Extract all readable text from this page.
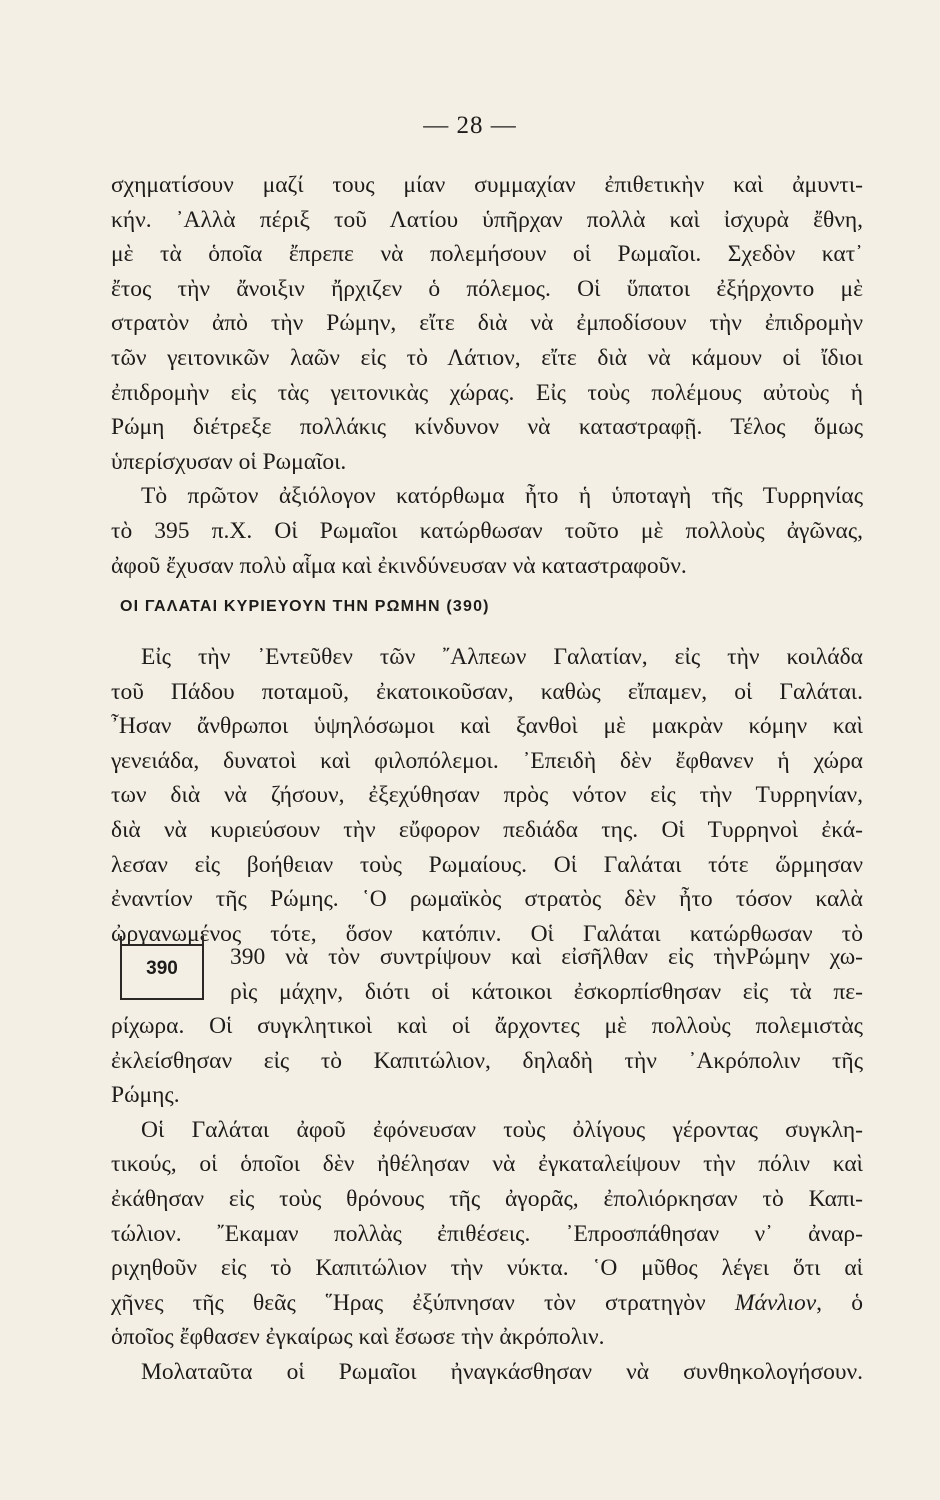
— 28 —

σχηματίσουν μαζί τους μίαν συμμαχίαν ἐπιθετικὴν καὶ ἀμυντι-

κήν. ᾽Αλλὰ πέριξ τοῦ Λατίου ὑπῆρχαν πολλὰ καὶ ἰσχυρὰ ἔθνη,

μὲ τὰ ὁποῖα ἔπρεπε νὰ πολεμήσουν οἱ Ρωμαῖοι. Σχεδὸν κατ᾽

ἔτος τὴν ἄνοιξιν ἤρχιζεν ὁ πόλεμος. Οἱ ὕπατοι ἐξήρχοντο μὲ

στρατὸν ἀπὸ τὴν Ρώμην, εἴτε διὰ νὰ ἐμποδίσουν τὴν ἐπιδρομὴν

τῶν γειτονικῶν λαῶν εἰς τὸ Λάτιον, εἴτε διὰ νὰ κάμουν οἱ ἴδιοι

ἐπιδρομὴν εἰς τὰς γειτονικὰς χώρας. Εἰς τοὺς πολέμους αὐτοὺς ἡ

Ρώμη διέτρεξε πολλάκις κίνδυνον νὰ καταστραφῇ. Τέλος ὅμως

ὑπερίσχυσαν οἱ Ρωμαῖοι.

Τὸ πρῶτον ἀξιόλογον κατόρθωμα ἦτο ἡ ὑποταγὴ τῆς Τυρρηνίας

τὸ 395 π.Χ. Οἱ Ρωμαῖοι κατώρθωσαν τοῦτο μὲ πολλοὺς ἀγῶνας,

ἀφοῦ ἔχυσαν πολὺ αἷμα καὶ ἐκινδύνευσαν νὰ καταστραφοῦν.

ΟΙ ΓΑΛΑΤΑΙ ΚΥΡΙΕΥΟΥΝ ΤΗΝ ΡΩΜΗΝ (390)

Εἰς τὴν ᾽Εντεῦθεν τῶν ῎Αλπεων Γαλατίαν, εἰς τὴν κοιλάδα

τοῦ Πάδου ποταμοῦ, ἐκατοικοῦσαν, καθὼς εἴπαμεν, οἱ Γαλάται.

῏Ησαν ἄνθρωποι ὑψηλόσωμοι καὶ ξανθοὶ μὲ μακρὰν κόμην καὶ

γενειάδα, δυνατοὶ καὶ φιλοπόλεμοι. ᾽Επειδὴ δὲν ἔφθανεν ἡ χώρα

των διὰ νὰ ζήσουν, ἐξεχύθησαν πρὸς νότον εἰς τὴν Τυρρηνίαν,

διὰ νὰ κυριεύσουν τὴν εὔφορον πεδιάδα της. Οἱ Τυρρηνοὶ ἐκά-

λεσαν εἰς βοήθειαν τοὺς Ρωμαίους. Οἱ Γαλάται τότε ὥρμησαν

ἐναντίον τῆς Ρώμης. ῾Ο ρωμαϊκὸς στρατὸς δὲν ἦτο τόσον καλὰ

ὠργανωμένος τότε, ὅσον κατόπιν. Οἱ Γαλάται κατώρθωσαν τὸ

390	390 νὰ τὸν συντρίψουν καὶ εἰσῆλθαν εἰς τὴνΡώμην χω-

ρὶς μάχην, διότι οἱ κάτοικοι ἐσκορπίσθησαν εἰς τὰ πε-

ρίχωρα. Οἱ συγκλητικοὶ καὶ οἱ ἄρχοντες μὲ πολλοὺς πολεμιστὰς

ἐκλείσθησαν εἰς τὸ Καπιτώλιον, δηλαδὴ τὴν ᾽Ακρόπολιν τῆς

Ρώμης.

Οἱ Γαλάται ἀφοῦ ἐφόνευσαν τοὺς ὀλίγους γέροντας συγκλη-

τικούς, οἱ ὁποῖοι δὲν ἠθέλησαν νὰ ἐγκαταλείψουν τὴν πόλιν καὶ

ἐκάθησαν εἰς τοὺς θρόνους τῆς ἀγορᾶς, ἐπολιόρκησαν τὸ Καπι-

τώλιον. ῎Εκαμαν πολλὰς ἐπιθέσεις. ᾽Επροσπάθησαν ν᾽ ἀναρ-

ριχηθοῦν εἰς τὸ Καπιτώλιον τὴν νύκτα. ῾Ο μῦθος λέγει ὅτι αἱ

χῆνες τῆς θεᾶς ῞Ηρας ἐξύπνησαν τὸν στρατηγὸν Μάνλιον, ὁ

ὁποῖος ἔφθασεν ἐγκαίρως καὶ ἔσωσε τὴν ἀκρόπολιν.

Μολαταῦτα οἱ Ρωμαῖοι ἠναγκάσθησαν νὰ συνθηκολογήσουν.
